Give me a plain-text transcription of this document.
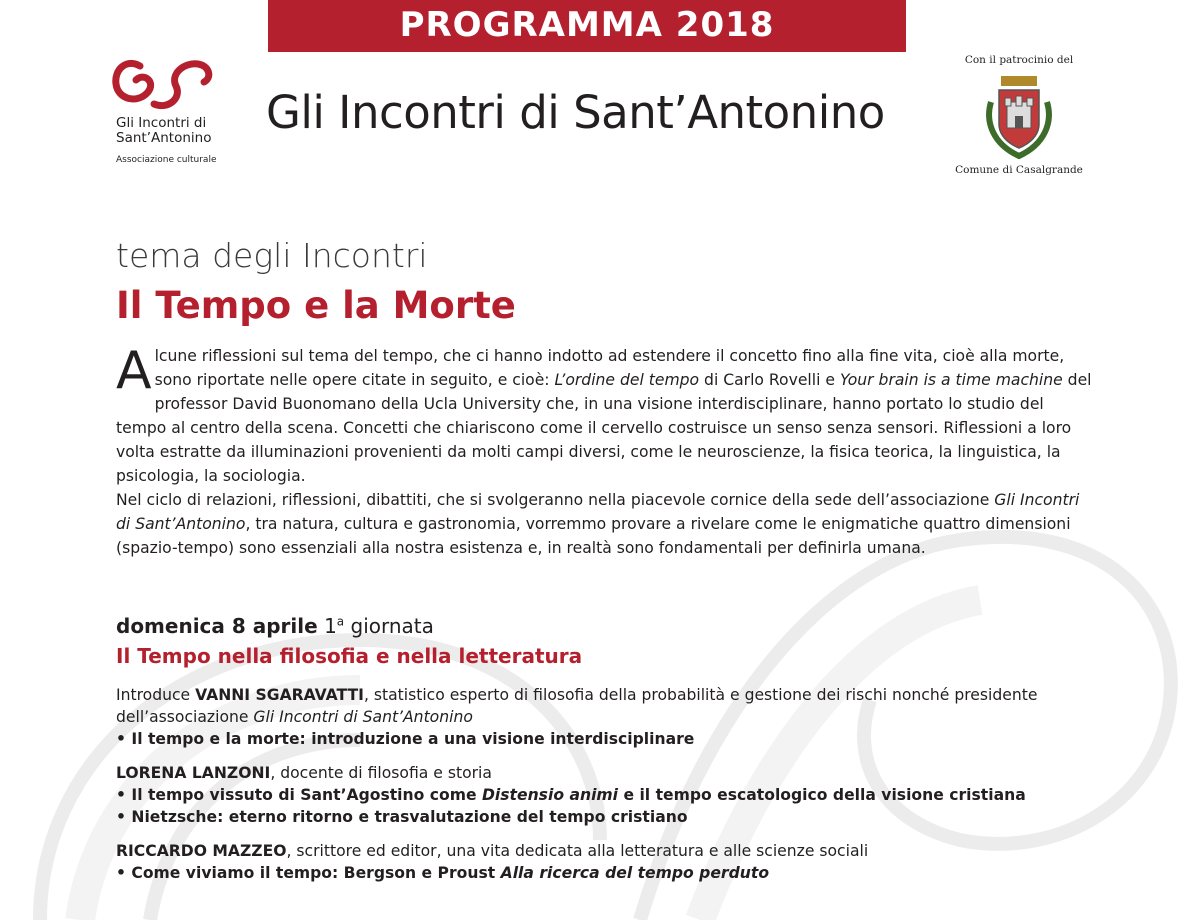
PROGRAMMA 2018
Gli Incontri di
Sant’Antonino
Associazione culturale
Gli Incontri di Sant’Antonino
Con il patrocinio del
Comune di Casalgrande
tema degli Incontri
Il Tempo e la Morte
Alcune riflessioni sul tema del tempo, che ci hanno indotto ad estendere il concetto fino alla fine vita, cioè alla morte, sono riportate nelle opere citate in seguito, e cioè: L’ordine del tempo di Carlo Rovelli e Your brain is a time machine del professor David Buonomano della Ucla University che, in una visione interdisciplinare, hanno portato lo studio del tempo al centro della scena. Concetti che chiariscono come il cervello costruisce un senso senza sensori. Riflessioni a loro volta estratte da illuminazioni provenienti da molti campi diversi, come le neuroscienze, la fisica teorica, la linguistica, la psicologia, la sociologia.
Nel ciclo di relazioni, riflessioni, dibattiti, che si svolgeranno nella piacevole cornice della sede dell’associazione Gli Incontri di Sant’Antonino, tra natura, cultura e gastronomia, vorremmo provare a rivelare come le enigmatiche quattro dimensioni (spazio-tempo) sono essenziali alla nostra esistenza e, in realtà sono fondamentali per definirla umana.
domenica 8 aprile 1$^a$ giornata
Il Tempo nella filosofia e nella letteratura
Introduce VANNI SGARAVATTI, statistico esperto di filosofia della probabilità e gestione dei rischi nonché presidente dell’associazione Gli Incontri di Sant’Antonino
• Il tempo e la morte: introduzione a una visione interdisciplinare
LORENA LANZONI, docente di filosofia e storia
• Il tempo vissuto di Sant’Agostino come Distensio animi e il tempo escatologico della visione cristiana
• Nietzsche: eterno ritorno e trasvalutazione del tempo cristiano
RICCARDO MAZZEO, scrittore ed editor, una vita dedicata alla letteratura e alle scienze sociali
• Come viviamo il tempo: Bergson e Proust Alla ricerca del tempo perduto
